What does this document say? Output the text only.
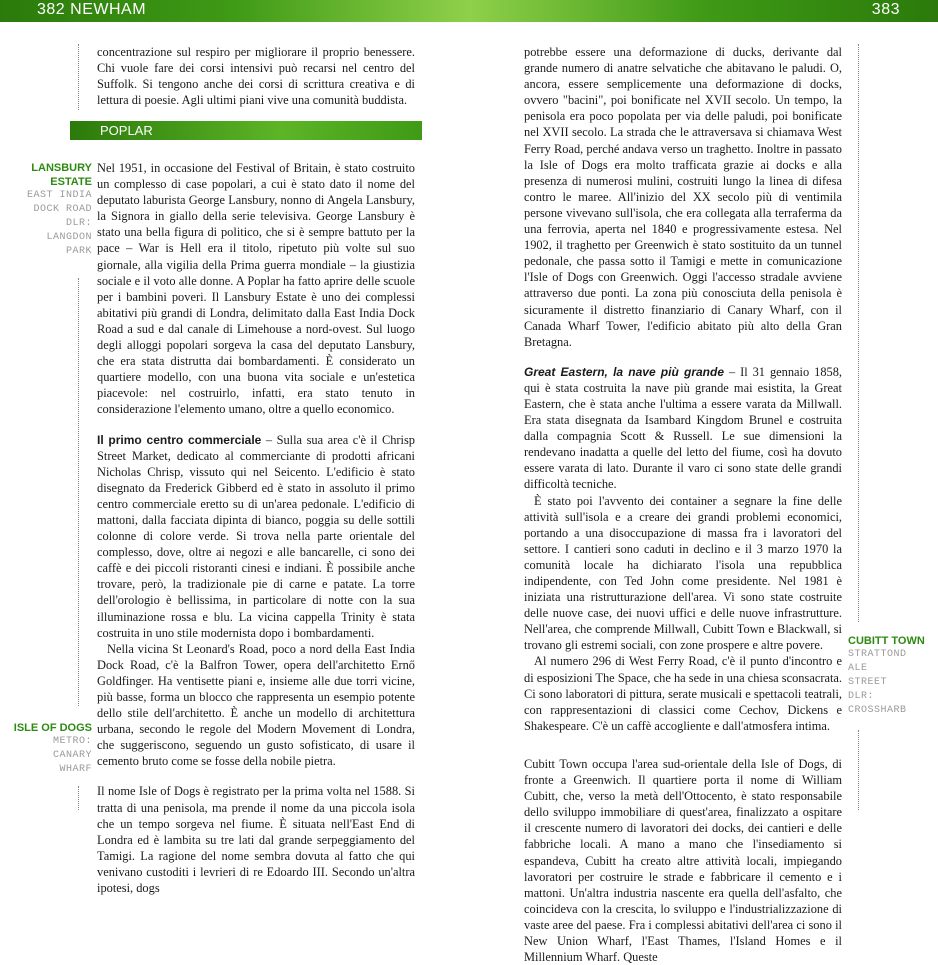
382 NEWHAM	383

concentrazione sul respiro per migliorare il proprio benessere. Chi vuole fare dei corsi intensivi può recarsi nel centro del Suffolk. Si tengono anche dei corsi di scrittura creativa e di lettura di poesie. Agli ultimi piani vive una comunità buddista.

POPLAR

Nel 1951, in occasione del Festival of Britain, è stato costruito un complesso di case popolari, a cui è stato dato il nome del deputato laburista George Lansbury, nonno di Angela Lansbury, la Signora in giallo della serie televisiva. George Lansbury è stato una bella figura di politico, che si è sempre battuto per la pace – War is Hell era il titolo, ripetuto più volte sul suo giornale, alla vigilia della Prima guerra mondiale – la giustizia sociale e il voto alle donne. A Poplar ha fatto aprire delle scuole per i bambini poveri. Il Lansbury Estate è uno dei complessi abitativi più grandi di Londra, delimitato dalla East India Dock Road a sud e dal canale di Limehouse a nord-ovest. Sul luogo degli alloggi popolari sorgeva la casa del deputato Lansbury, che era stata distrutta dai bombardamenti. È considerato un quartiere modello, con una buona vita sociale e un'estetica piacevole: nel costruirlo, infatti, era stato tenuto in considerazione l'elemento umano, oltre a quello economico.

Il primo centro commerciale – Sulla sua area c'è il Chrisp Street Market, dedicato al commerciante di prodotti africani Nicholas Chrisp, vissuto qui nel Seicento. L'edificio è stato disegnato da Frederick Gibberd ed è stato in assoluto il primo centro commerciale eretto su di un'area pedonale. L'edificio di mattoni, dalla facciata dipinta di bianco, poggia su delle sottili colonne di colore verde. Si trova nella parte orientale del complesso, dove, oltre ai negozi e alle bancarelle, ci sono dei caffè e dei piccoli ristoranti cinesi e indiani. È possibile anche trovare, però, la tradizionale pie di carne e patate. La torre dell'orologio è bellissima, in particolare di notte con la sua illuminazione rossa e blu. La vicina cappella Trinity è stata costruita in uno stile modernista dopo i bombardamenti.

Nella vicina St Leonard's Road, poco a nord della East India Dock Road, c'è la Balfron Tower, opera dell'architetto Ernő Goldfinger. Ha ventisette piani e, insieme alle due torri vicine, più basse, forma un blocco che rappresenta un esempio potente dello stile dell'architetto. È anche un modello di architettura urbana, secondo le regole del Modern Movement di Londra, che suggeriscono, seguendo un gusto sofisticato, di usare il cemento bruto come se fosse della nobile pietra.

Il nome Isle of Dogs è registrato per la prima volta nel 1588. Si tratta di una penisola, ma prende il nome da una piccola isola che un tempo sorgeva nel fiume. È situata nell'East End di Londra ed è lambita su tre lati dal grande serpeggiamento del Tamigi. La ragione del nome sembra dovuta al fatto che qui venivano custoditi i levrieri di re Edoardo III. Secondo un'altra ipotesi, dogs

LANSBURY
ESTATE
EAST INDIA
DOCK ROAD
DLR:
LANGDON
PARK
ISLE OF DOGS
METRO:
CANARY
WHARF

potrebbe essere una deformazione di ducks, derivante dal grande numero di anatre selvatiche che abitavano le paludi. O, ancora, essere semplicemente una deformazione di docks, ovvero "bacini", poi bonificate nel XVII secolo. Un tempo, la penisola era poco popolata per via delle paludi, poi bonificate nel XVII secolo. La strada che le attraversava si chiamava West Ferry Road, perché andava verso un traghetto. Inoltre in passato la Isle of Dogs era molto trafficata grazie ai docks e alla presenza di numerosi mulini, costruiti lungo la linea di difesa contro le maree. All'inizio del XX secolo più di ventimila persone vivevano sull'isola, che era collegata alla terraferma da una ferrovia, aperta nel 1840 e progressivamente estesa. Nel 1902, il traghetto per Greenwich è stato sostituito da un tunnel pedonale, che passa sotto il Tamigi e mette in comunicazione l'Isle of Dogs con Greenwich. Oggi l'accesso stradale avviene attraverso due ponti. La zona più conosciuta della penisola è sicuramente il distretto finanziario di Canary Wharf, con il Canada Wharf Tower, l'edificio abitato più alto della Gran Bretagna.

Great Eastern, la nave più grande – Il 31 gennaio 1858, qui è stata costruita la nave più grande mai esistita, la Great Eastern, che è stata anche l'ultima a essere varata da Millwall. Era stata disegnata da Isambard Kingdom Brunel e costruita dalla compagnia Scott & Russell. Le sue dimensioni la rendevano inadatta a quelle del letto del fiume, così ha dovuto essere varata di lato. Durante il varo ci sono state delle grandi difficoltà tecniche.

È stato poi l'avvento dei container a segnare la fine delle attività sull'isola e a creare dei grandi problemi economici, portando a una disoccupazione di massa fra i lavoratori del settore. I cantieri sono caduti in declino e il 3 marzo 1970 la comunità locale ha dichiarato l'isola una repubblica indipendente, con Ted John come presidente. Nel 1981 è iniziata una ristrutturazione dell'area. Vi sono state costruite delle nuove case, dei nuovi uffici e delle nuove infrastrutture. Nell'area, che comprende Millwall, Cubitt Town e Blackwall, si trovano gli estremi sociali, con zone prospere e altre povere.

Al numero 296 di West Ferry Road, c'è il punto d'incontro e di esposizioni The Space, che ha sede in una chiesa sconsacrata. Ci sono laboratori di pittura, serate musicali e spettacoli teatrali, con rappresentazioni di classici come Cechov, Dickens e Shakespeare. C'è un caffè accogliente e dall'atmosfera intima.

Cubitt Town occupa l'area sud-orientale della Isle of Dogs, di fronte a Greenwich. Il quartiere porta il nome di William Cubitt, che, verso la metà dell'Ottocento, è stato responsabile dello sviluppo immobiliare di quest'area, finalizzato a ospitare il crescente numero di lavoratori dei docks, dei cantieri e delle fabbriche locali. A mano a mano che l'insediamento si espandeva, Cubitt ha creato altre attività locali, impiegando lavoratori per costruire le strade e fabbricare il cemento e i mattoni. Un'altra industria nascente era quella dell'asfalto, che coincideva con la crescita, lo sviluppo e l'industrializzazione di vaste aree del paese. Fra i complessi abitativi dell'area ci sono il New Union Wharf, l'East Thames, l'Island Homes e il Millennium Wharf. Queste

CUBITT TOWN
STRATTOND
ALE
STREET
DLR:
CROSSHARB
